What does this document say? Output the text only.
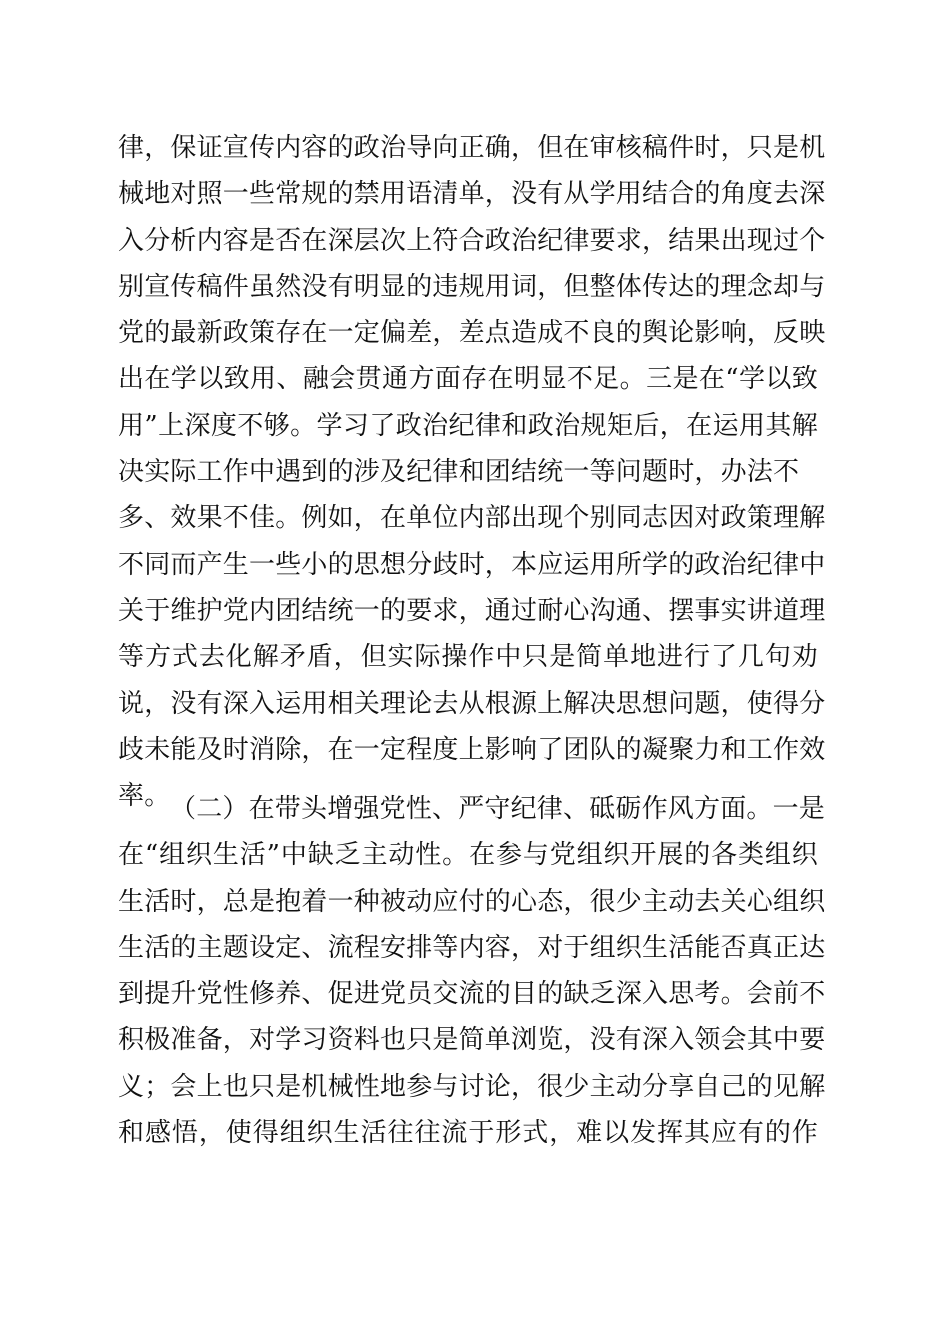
律，保证宣传内容的政治导向正确，但在审核稿件时，只是机
械地对照一些常规的禁用语清单，没有从学用结合的角度去深
入分析内容是否在深层次上符合政治纪律要求，结果出现过个
别宣传稿件虽然没有明显的违规用词，但整体传达的理念却与
党的最新政策存在一定偏差，差点造成不良的舆论影响，反映
出在学以致用、融会贯通方面存在明显不足。三是在“学以致
用”上深度不够。学习了政治纪律和政治规矩后，在运用其解
决实际工作中遇到的涉及纪律和团结统一等问题时，办法不
多、效果不佳。例如，在单位内部出现个别同志因对政策理解
不同而产生一些小的思想分歧时，本应运用所学的政治纪律中
关于维护党内团结统一的要求，通过耐心沟通、摆事实讲道理
等方式去化解矛盾，但实际操作中只是简单地进行了几句劝
说，没有深入运用相关理论去从根源上解决思想问题，使得分
歧未能及时消除，在一定程度上影响了团队的凝聚力和工作效
率。 （二）在带头增强党性、严守纪律、砥砺作风方面。一是
在“组织生活”中缺乏主动性。在参与党组织开展的各类组织
生活时，总是抱着一种被动应付的心态，很少主动去关心组织
生活的主题设定、流程安排等内容，对于组织生活能否真正达
到提升党性修养、促进党员交流的目的缺乏深入思考。会前不
积极准备，对学习资料也只是简单浏览，没有深入领会其中要
义；会上也只是机械性地参与讨论，很少主动分享自己的见解
和感悟，使得组织生活往往流于形式，难以发挥其应有的作
